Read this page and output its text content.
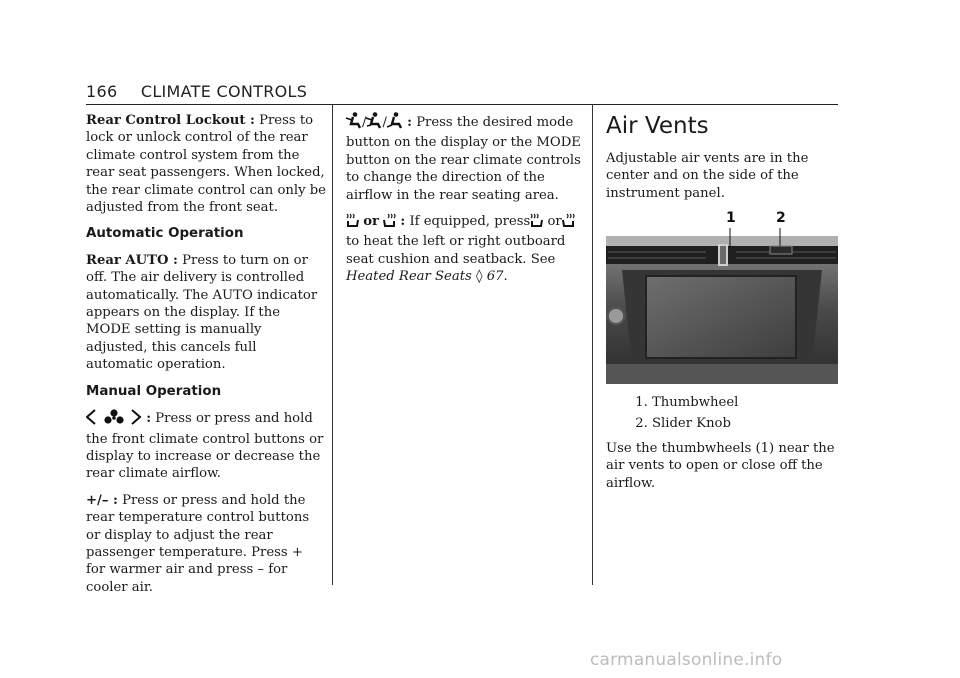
166 CLIMATE CONTROLS

Rear Control Lockout : Press to lock or unlock control of the rear climate control system from the rear seat passengers. When locked, the rear climate control can only be adjusted from the front seat.

Automatic Operation

Rear AUTO : Press to turn on or off. The air delivery is controlled automatically. The AUTO indicator appears on the display. If the MODE setting is manually adjusted, this cancels full automatic operation.

Manual Operation

: Press or press and hold the front climate control buttons or display to increase or decrease the rear climate airflow.

+/– : Press or press and hold the rear temperature control buttons or display to adjust the rear passenger temperature. Press + for warmer air and press – for cooler air.

/ / : Press the desired mode button on the display or the MODE button on the rear climate controls to change the direction of the airflow in the rear seating area.

or : If equipped, press or to heat the left or right outboard seat cushion and seatback. See Heated Rear Seats ◊ 67.

Air Vents

Adjustable air vents are in the center and on the side of the instrument panel.

1	2
1. Thumbwheel
2. Slider Knob

Use the thumbwheels (1) near the air vents to open or close off the airflow.

carmanualsonline.info
